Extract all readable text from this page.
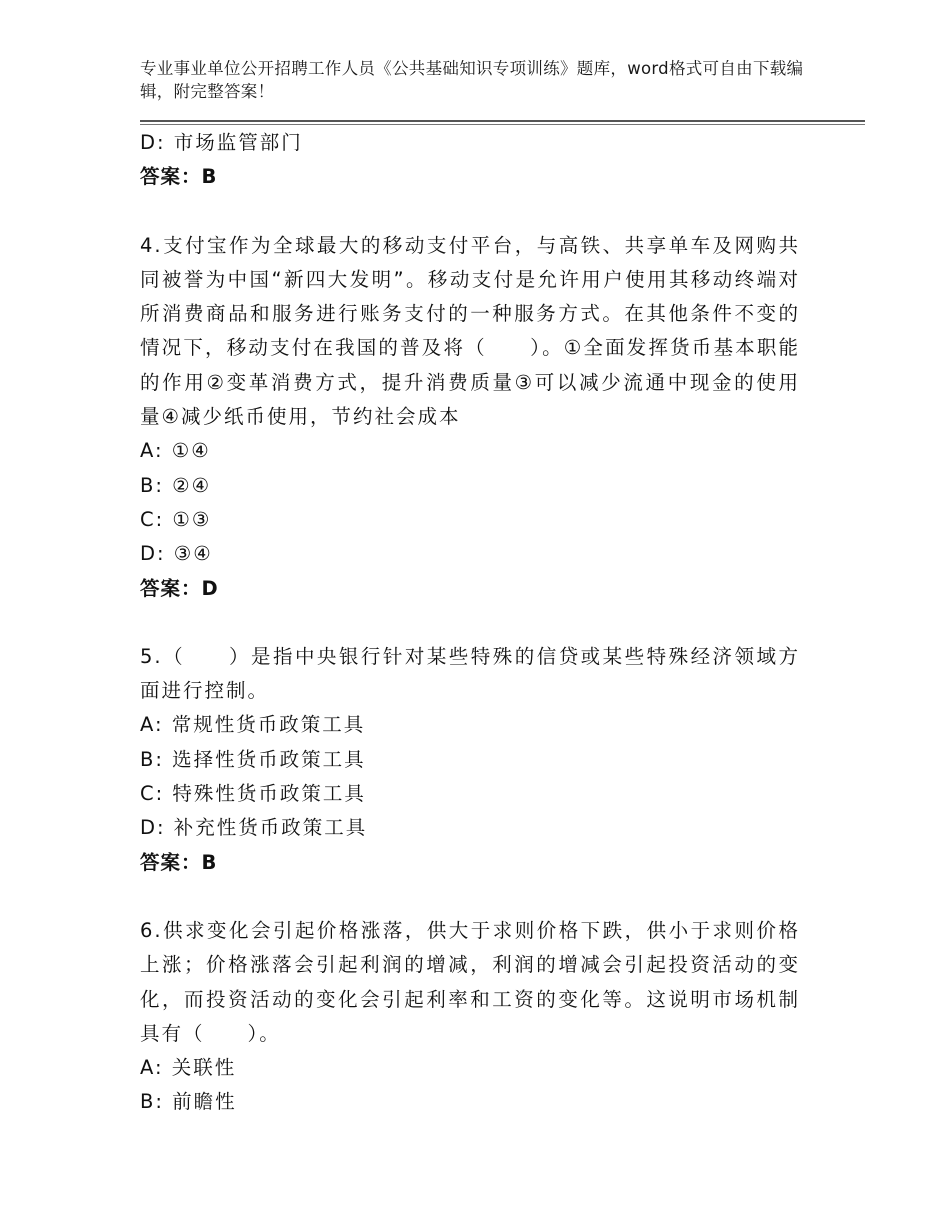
专业事业单位公开招聘工作人员《公共基础知识专项训练》题库，word格式可自由下载编辑，附完整答案！
D: 市场监管部门
答案：B
4.支付宝作为全球最大的移动支付平台，与高铁、共享单车及网购共同被誉为中国“新四大发明”。移动支付是允许用户使用其移动终端对所消费商品和服务进行账务支付的一种服务方式。在其他条件不变的情况下，移动支付在我国的普及将（　　）。①全面发挥货币基本职能的作用②变革消费方式，提升消费质量③可以减少流通中现金的使用量④减少纸币使用，节约社会成本
A: ①④
B: ②④
C: ①③
D: ③④
答案：D
5.（　　）是指中央银行针对某些特殊的信贷或某些特殊经济领域方面进行控制。
A: 常规性货币政策工具
B: 选择性货币政策工具
C: 特殊性货币政策工具
D: 补充性货币政策工具
答案：B
6.供求变化会引起价格涨落，供大于求则价格下跌，供小于求则价格上涨；价格涨落会引起利润的增减，利润的增减会引起投资活动的变化，而投资活动的变化会引起利率和工资的变化等。这说明市场机制具有（　　）。
A: 关联性
B: 前瞻性
